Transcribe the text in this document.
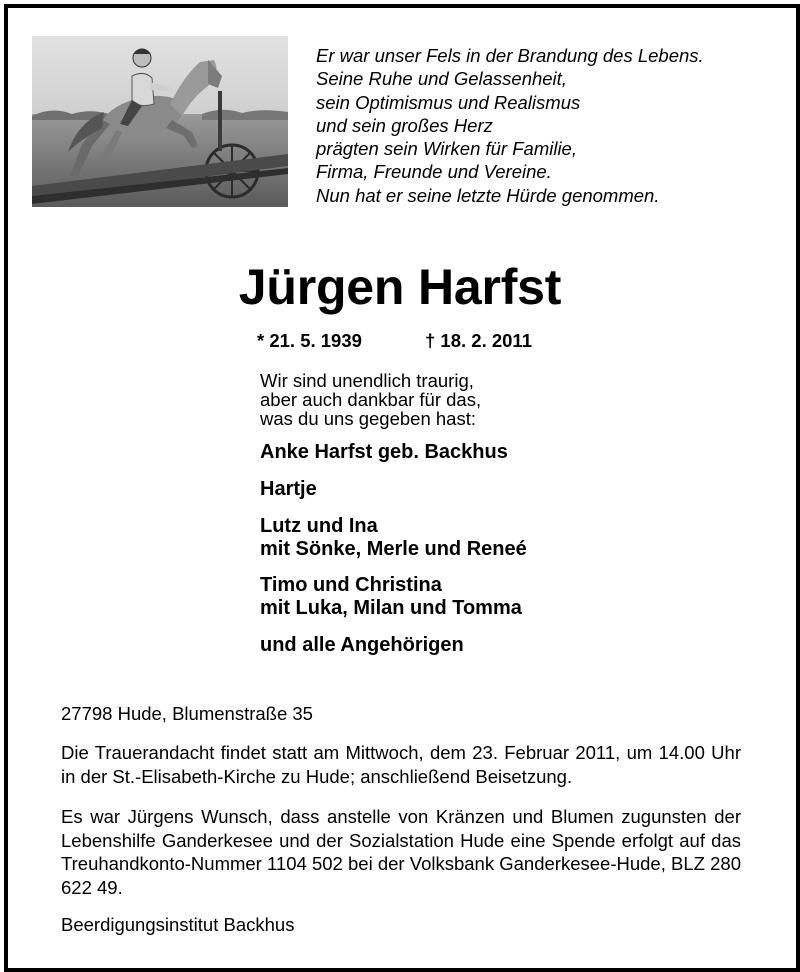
Er war unser Fels in der Brandung des Lebens.
Seine Ruhe und Gelassenheit,
sein Optimismus und Realismus
und sein großes Herz
prägten sein Wirken für Familie,
Firma, Freunde und Vereine.
Nun hat er seine letzte Hürde genommen.

Jürgen Harfst
* 21. 5. 1939	† 18. 2. 2011

Wir sind unendlich traurig,
aber auch dankbar für das,
was du uns gegeben hast:

Anke Harfst geb. Backhus
Hartje
Lutz und Ina
mit Sönke, Merle und Reneé
Timo und Christina
mit Luka, Milan und Tomma
und alle Angehörigen

27798 Hude, Blumenstraße 35

Die Trauerandacht findet statt am Mittwoch, dem 23. Februar 2011, um 14.00 Uhr in der St.-Elisabeth-Kirche zu Hude; anschließend Beisetzung.

Es war Jürgens Wunsch, dass anstelle von Kränzen und Blumen zugunsten der Lebenshilfe Ganderkesee und der Sozialstation Hude eine Spende erfolgt auf das Treuhandkonto-Nummer 1104 502 bei der Volksbank Ganderkesee-Hude, BLZ 280 622 49.

Beerdigungsinstitut Backhus
